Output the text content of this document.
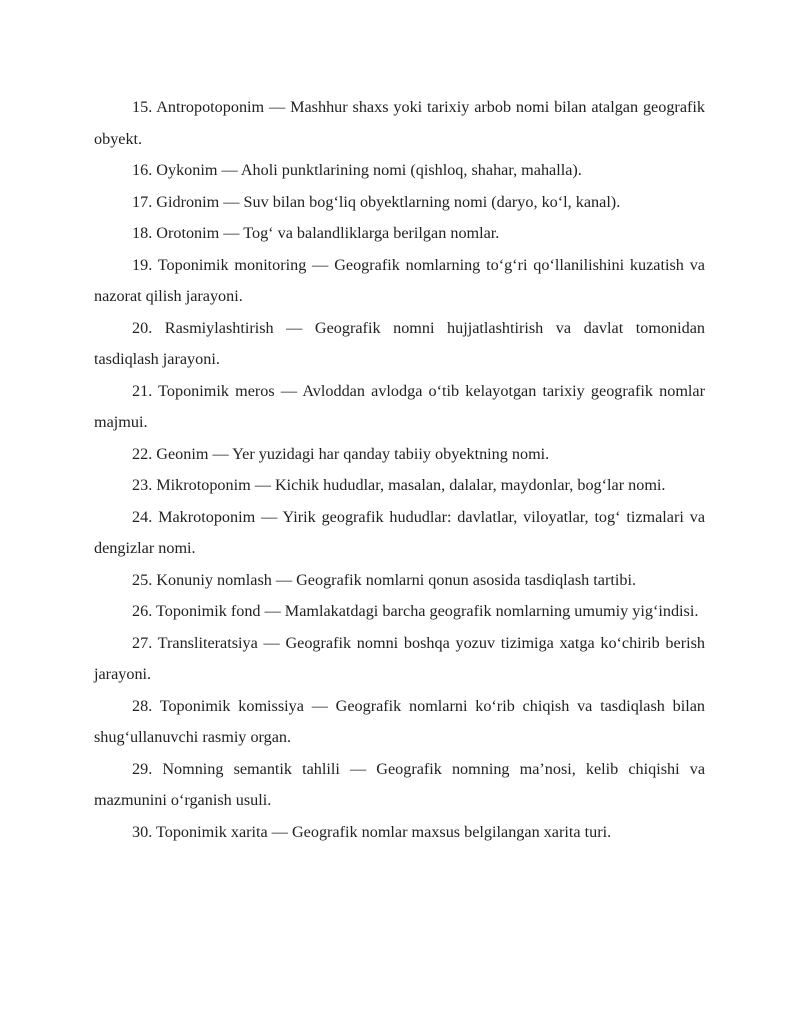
15. Antropotoponim — Mashhur shaxs yoki tarixiy arbob nomi bilan atalgan geografik obyekt.

16. Oykonim — Aholi punktlarining nomi (qishloq, shahar, mahalla).

17. Gidronim — Suv bilan bog‘liq obyektlarning nomi (daryo, ko‘l, kanal).

18. Orotonim — Tog‘ va balandliklarga berilgan nomlar.

19. Toponimik monitoring — Geografik nomlarning to‘g‘ri qo‘llanilishini kuzatish va nazorat qilish jarayoni.

20. Rasmiylashtirish — Geografik nomni hujjatlashtirish va davlat tomonidan tasdiqlash jarayoni.

21. Toponimik meros — Avloddan avlodga o‘tib kelayotgan tarixiy geografik nomlar majmui.

22. Geonim — Yer yuzidagi har qanday tabiiy obyektning nomi.

23. Mikrotoponim — Kichik hududlar, masalan, dalalar, maydonlar, bog‘lar nomi.

24. Makrotoponim — Yirik geografik hududlar: davlatlar, viloyatlar, tog‘ tizmalari va dengizlar nomi.

25. Konuniy nomlash — Geografik nomlarni qonun asosida tasdiqlash tartibi.

26. Toponimik fond — Mamlakatdagi barcha geografik nomlarning umumiy yig‘indisi.

27. Transliteratsiya — Geografik nomni boshqa yozuv tizimiga xatga ko‘chirib berish jarayoni.

28. Toponimik komissiya — Geografik nomlarni ko‘rib chiqish va tasdiqlash bilan shug‘ullanuvchi rasmiy organ.

29. Nomning semantik tahlili — Geografik nomning ma’nosi, kelib chiqishi va mazmunini o‘rganish usuli.

30. Toponimik xarita — Geografik nomlar maxsus belgilangan xarita turi.
